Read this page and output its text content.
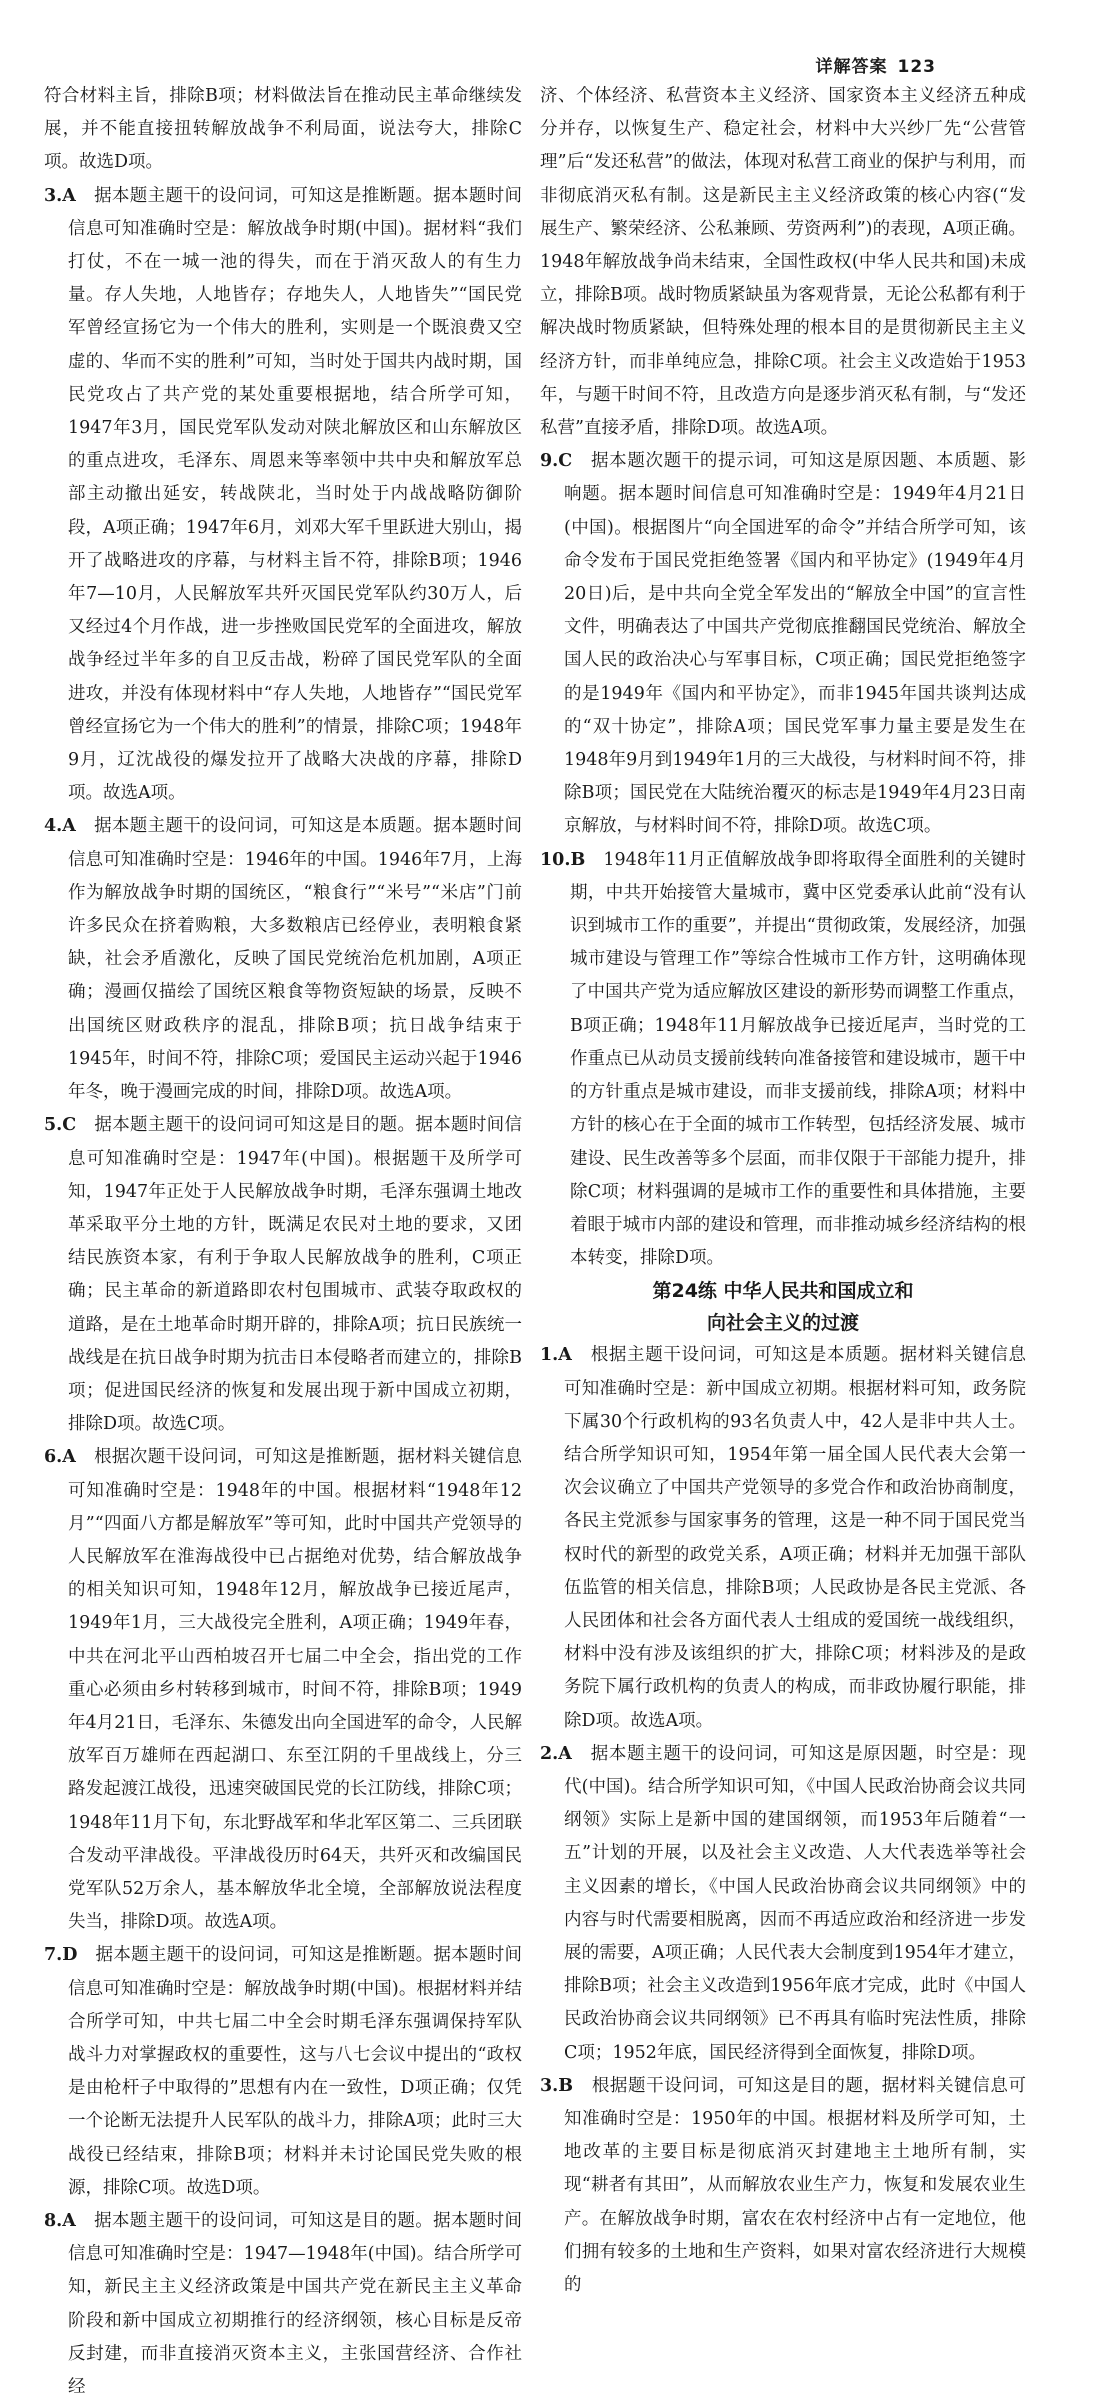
详解答案 123

符合材料主旨，排除B项；材料做法旨在推动民主革命继续发展，并不能直接扭转解放战争不利局面，说法夸大，排除C项。故选D项。

3.A　 据本题主题干的设问词，可知这是推断题。据本题时间信息可知准确时空是：解放战争时期(中国)。据材料“我们打仗，不在一城一池的得失，而在于消灭敌人的有生力量。存人失地，人地皆存；存地失人，人地皆失”“国民党军曾经宣扬它为一个伟大的胜利，实则是一个既浪费又空虚的、华而不实的胜利”可知，当时处于国共内战时期，国民党攻占了共产党的某处重要根据地，结合所学可知，1947年3月，国民党军队发动对陕北解放区和山东解放区的重点进攻，毛泽东、周恩来等率领中共中央和解放军总部主动撤出延安，转战陕北，当时处于内战战略防御阶段，A项正确；1947年6月，刘邓大军千里跃进大别山，揭开了战略进攻的序幕，与材料主旨不符，排除B项；1946年7—10月，人民解放军共歼灭国民党军队约30万人，后又经过4个月作战，进一步挫败国民党军的全面进攻，解放战争经过半年多的自卫反击战，粉碎了国民党军队的全面进攻，并没有体现材料中“存人失地，人地皆存”“国民党军曾经宣扬它为一个伟大的胜利”的情景，排除C项；1948年9月，辽沈战役的爆发拉开了战略大决战的序幕，排除D项。故选A项。

4.A　 据本题主题干的设问词，可知这是本质题。据本题时间信息可知准确时空是：1946年的中国。1946年7月，上海作为解放战争时期的国统区，“粮食行”“米号”“米店”门前许多民众在挤着购粮，大多数粮店已经停业，表明粮食紧缺，社会矛盾激化，反映了国民党统治危机加剧，A项正确；漫画仅描绘了国统区粮食等物资短缺的场景，反映不出国统区财政秩序的混乱，排除B项；抗日战争结束于1945年，时间不符，排除C项；爱国民主运动兴起于1946年冬，晚于漫画完成的时间，排除D项。故选A项。

5.C　 据本题主题干的设问词可知这是目的题。据本题时间信息可知准确时空是：1947年(中国)。根据题干及所学可知，1947年正处于人民解放战争时期，毛泽东强调土地改革采取平分土地的方针，既满足农民对土地的要求，又团结民族资本家，有利于争取人民解放战争的胜利，C项正确；民主革命的新道路即农村包围城市、武装夺取政权的道路，是在土地革命时期开辟的，排除A项；抗日民族统一战线是在抗日战争时期为抗击日本侵略者而建立的，排除B项；促进国民经济的恢复和发展出现于新中国成立初期，排除D项。故选C项。

6.A　 根据次题干设问词，可知这是推断题，据材料关键信息可知准确时空是：1948年的中国。根据材料“1948年12月”“四面八方都是解放军”等可知，此时中国共产党领导的人民解放军在淮海战役中已占据绝对优势，结合解放战争的相关知识可知，1948年12月，解放战争已接近尾声，1949年1月，三大战役完全胜利，A项正确；1949年春，中共在河北平山西柏坡召开七届二中全会，指出党的工作重心必须由乡村转移到城市，时间不符，排除B项；1949年4月21日，毛泽东、朱德发出向全国进军的命令，人民解放军百万雄师在西起湖口、东至江阴的千里战线上，分三路发起渡江战役，迅速突破国民党的长江防线，排除C项；1948年11月下旬，东北野战军和华北军区第二、三兵团联合发动平津战役。平津战役历时64天，共歼灭和改编国民党军队52万余人，基本解放华北全境，全部解放说法程度失当，排除D项。故选A项。

7.D　 据本题主题干的设问词，可知这是推断题。据本题时间信息可知准确时空是：解放战争时期(中国)。根据材料并结合所学可知，中共七届二中全会时期毛泽东强调保持军队战斗力对掌握政权的重要性，这与八七会议中提出的“政权是由枪杆子中取得的”思想有内在一致性，D项正确；仅凭一个论断无法提升人民军队的战斗力，排除A项；此时三大战役已经结束，排除B项；材料并未讨论国民党失败的根源，排除C项。故选D项。

8.A　 据本题主题干的设问词，可知这是目的题。据本题时间信息可知准确时空是：1947—1948年(中国)。结合所学可知，新民主主义经济政策是中国共产党在新民主主义革命阶段和新中国成立初期推行的经济纲领，核心目标是反帝反封建，而非直接消灭资本主义，主张国营经济、合作社经

济、个体经济、私营资本主义经济、国家资本主义经济五种成分并存，以恢复生产、稳定社会，材料中大兴纱厂先“公营管理”后“发还私营”的做法，体现对私营工商业的保护与利用，而非彻底消灭私有制。这是新民主主义经济政策的核心内容(“发展生产、繁荣经济、公私兼顾、劳资两利”)的表现，A项正确。1948年解放战争尚未结束，全国性政权(中华人民共和国)未成立，排除B项。战时物质紧缺虽为客观背景，无论公私都有利于解决战时物质紧缺，但特殊处理的根本目的是贯彻新民主主义经济方针，而非单纯应急，排除C项。社会主义改造始于1953年，与题干时间不符，且改造方向是逐步消灭私有制，与“发还私营”直接矛盾，排除D项。故选A项。

9.C　 据本题次题干的提示词，可知这是原因题、本质题、影响题。据本题时间信息可知准确时空是：1949年4月21日(中国)。根据图片“向全国进军的命令”并结合所学可知，该命令发布于国民党拒绝签署《国内和平协定》(1949年4月20日)后，是中共向全党全军发出的“解放全中国”的宣言性文件，明确表达了中国共产党彻底推翻国民党统治、解放全国人民的政治决心与军事目标，C项正确；国民党拒绝签字的是1949年《国内和平协定》，而非1945年国共谈判达成的“双十协定”，排除A项；国民党军事力量主要是发生在1948年9月到1949年1月的三大战役，与材料时间不符，排除B项；国民党在大陆统治覆灭的标志是1949年4月23日南京解放，与材料时间不符，排除D项。故选C项。

10.B　 1948年11月正值解放战争即将取得全面胜利的关键时期，中共开始接管大量城市，冀中区党委承认此前“没有认识到城市工作的重要”，并提出“贯彻政策，发展经济，加强城市建设与管理工作”等综合性城市工作方针，这明确体现了中国共产党为适应解放区建设的新形势而调整工作重点，B项正确；1948年11月解放战争已接近尾声，当时党的工作重点已从动员支援前线转向准备接管和建设城市，题干中的方针重点是城市建设，而非支援前线，排除A项；材料中方针的核心在于全面的城市工作转型，包括经济发展、城市建设、民生改善等多个层面，而非仅限于干部能力提升，排除C项；材料强调的是城市工作的重要性和具体措施，主要着眼于城市内部的建设和管理，而非推动城乡经济结构的根本转变，排除D项。

第24练 中华人民共和国成立和

向社会主义的过渡

1.A　 根据主题干设问词，可知这是本质题。据材料关键信息可知准确时空是：新中国成立初期。根据材料可知，政务院下属30个行政机构的93名负责人中，42人是非中共人士。结合所学知识可知，1954年第一届全国人民代表大会第一次会议确立了中国共产党领导的多党合作和政治协商制度，各民主党派参与国家事务的管理，这是一种不同于国民党当权时代的新型的政党关系，A项正确；材料并无加强干部队伍监管的相关信息，排除B项；人民政协是各民主党派、各人民团体和社会各方面代表人士组成的爱国统一战线组织，材料中没有涉及该组织的扩大，排除C项；材料涉及的是政务院下属行政机构的负责人的构成，而非政协履行职能，排除D项。故选A项。

2.A　 据本题主题干的设问词，可知这是原因题，时空是：现代(中国)。结合所学知识可知，《中国人民政治协商会议共同纲领》实际上是新中国的建国纲领，而1953年后随着“一五”计划的开展，以及社会主义改造、人大代表选举等社会主义因素的增长，《中国人民政治协商会议共同纲领》中的内容与时代需要相脱离，因而不再适应政治和经济进一步发展的需要，A项正确；人民代表大会制度到1954年才建立，排除B项；社会主义改造到1956年底才完成，此时《中国人民政治协商会议共同纲领》已不再具有临时宪法性质，排除C项；1952年底，国民经济得到全面恢复，排除D项。

3.B　 根据题干设问词，可知这是目的题，据材料关键信息可知准确时空是：1950年的中国。根据材料及所学可知，土地改革的主要目标是彻底消灭封建地主土地所有制，实现“耕者有其田”，从而解放农业生产力，恢复和发展农业生产。在解放战争时期，富农在农村经济中占有一定地位，他们拥有较多的土地和生产资料，如果对富农经济进行大规模的
